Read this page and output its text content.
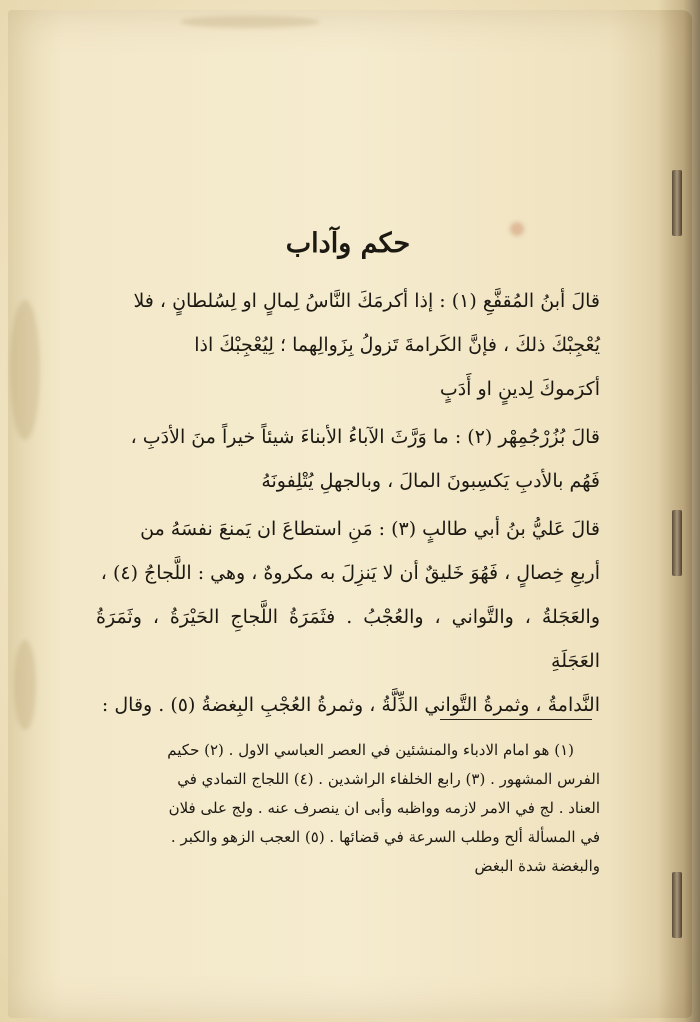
حكم وآداب

قالَ أبنُ المُقفَّعِ (١) : إذا أكرمَكَ النَّاسُ لِمالٍ او لِسُلطانٍ ، فلا
يُعْجِبْكَ ذلكَ ، فإنَّ الكَرامةَ تَزولُ بِزَوالِهما ؛ لِيُعْجِبْكَ اذا
أكرَموكَ لِدينٍ او أَدَبٍ

قالَ بُزُرْجُمِهْر (٢) : ما وَرَّثَ الآباءُ الأبناءَ شيئاً خيراً منَ الأدَبِ ،
فَهُم بالأدبِ يَكسِبونَ المالَ ، وبالجهلِ يُتْلِفونَهُ

قالَ عَليُّ بنُ أبي طالبٍ (٣) : مَنِ استطاعَ ان يَمنعَ نفسَهُ من
أربعِ خِصالٍ ، فَهُوَ خَليقٌ أن لا يَنزِلَ به مكروهٌ ، وهي : اللَّجاجُ (٤) ،
والعَجَلةُ ، والتَّواني ، والعُجْبُ . فثَمَرَةُ اللَّجاجِ الحَيْرَةُ ، وثَمَرَةُ العَجَلَةِ
النَّدامةُ ، وثمرةُ التَّواني الذِّلَّةُ ، وثمرةُ العُجْبِ البِغضةُ (٥) . وقال :

(١) هو امام الادباء والمنشئين في العصر العباسي الاول . (٢) حكيم
الفرس المشهور . (٣) رابع الخلفاء الراشدين . (٤) اللجاج التمادي في
العناد . لج في الامر لازمه وواظبه وأبى ان ينصرف عنه . ولج على فلان
في المسألة ألح وطلب السرعة في قضائها . (٥) العجب الزهو والكبر .
والبغضة شدة البغض
